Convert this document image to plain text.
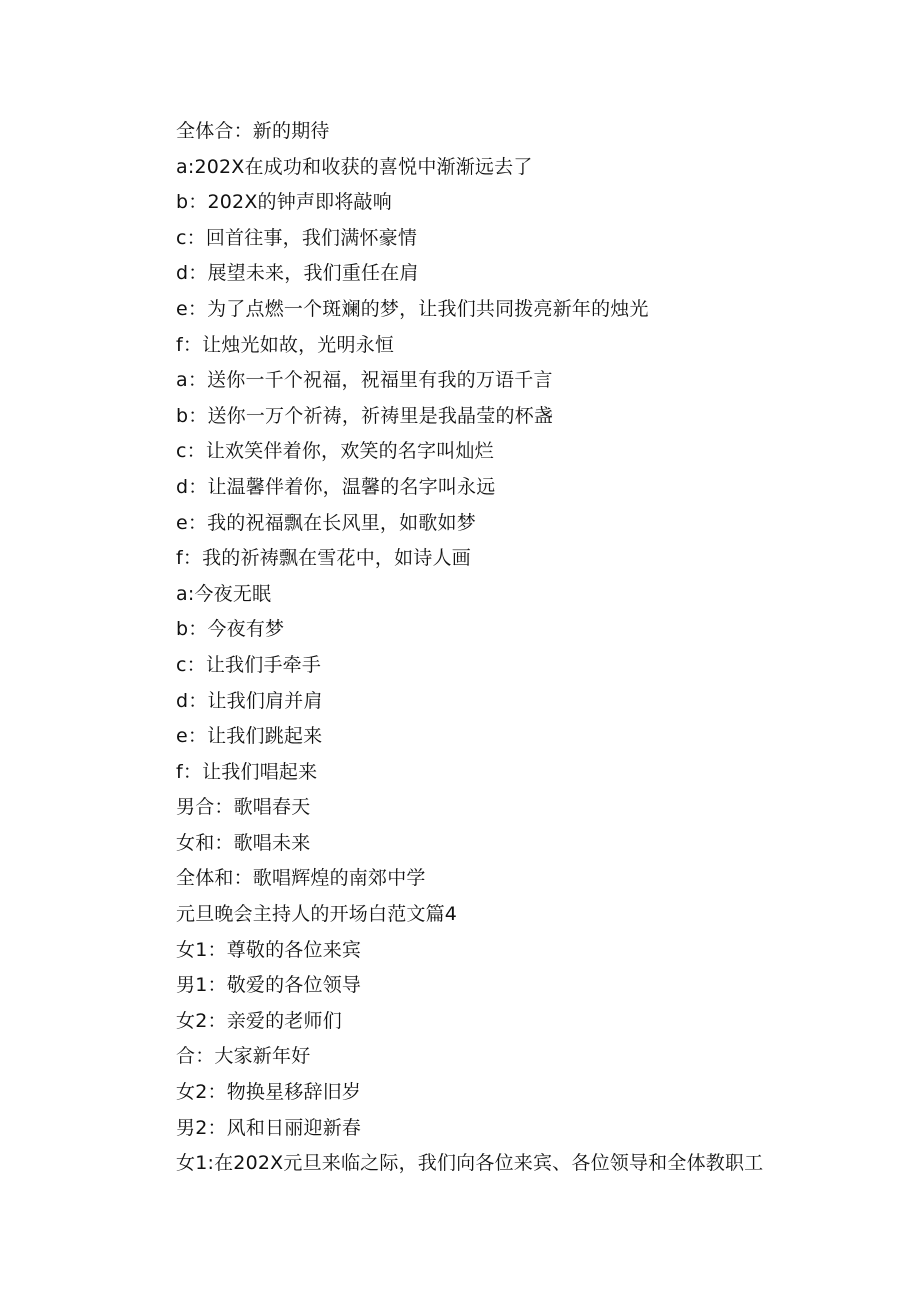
全体合：新的期待
a:202X在成功和收获的喜悦中渐渐远去了
b：202X的钟声即将敲响
c：回首往事，我们满怀豪情
d：展望未来，我们重任在肩
e：为了点燃一个斑斓的梦，让我们共同拨亮新年的烛光
f：让烛光如故，光明永恒
a：送你一千个祝福，祝福里有我的万语千言
b：送你一万个祈祷，祈祷里是我晶莹的杯盏
c：让欢笑伴着你，欢笑的名字叫灿烂
d：让温馨伴着你，温馨的名字叫永远
e：我的祝福飘在长风里，如歌如梦
f：我的祈祷飘在雪花中，如诗人画
a:今夜无眠
b：今夜有梦
c：让我们手牵手
d：让我们肩并肩
e：让我们跳起来
f：让我们唱起来
男合：歌唱春天
女和：歌唱未来
全体和：歌唱辉煌的南郊中学
元旦晚会主持人的开场白范文篇4
女1：尊敬的各位来宾
男1：敬爱的各位领导
女2：亲爱的老师们
合：大家新年好
女2：物换星移辞旧岁
男2：风和日丽迎新春
女1:在202X元旦来临之际，我们向各位来宾、各位领导和全体教职工
